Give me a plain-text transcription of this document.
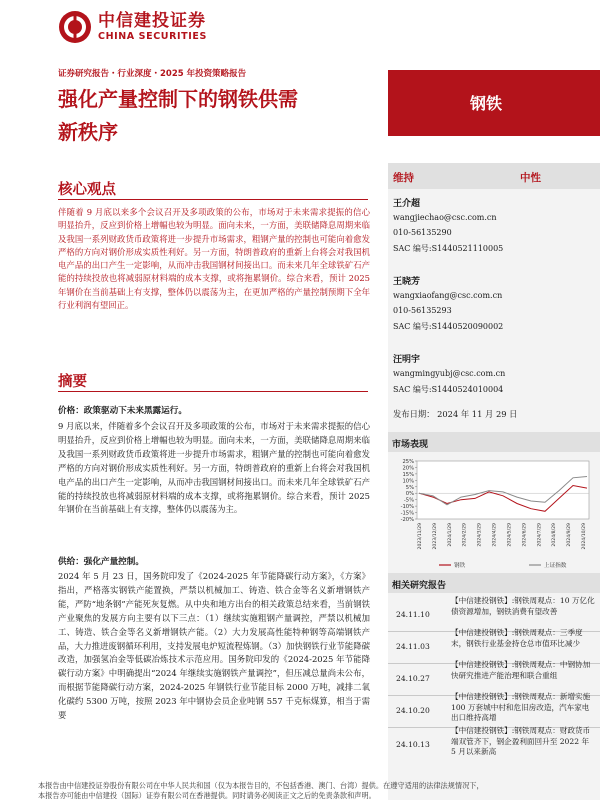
中信建投证券
CHINA SECURITIES
证券研究报告・行业深度・2025 年投资策略报告
强化产量控制下的钢铁供需
新秩序
钢铁
核心观点

伴随着 9 月底以来多个会议召开及多项政策的公布，市场对于未来需求提振的信心明显抬升，反应到价格上增幅也较为明显。面向未来，一方面，美联储降息周期来临及我国一系列财政货币政策将进一步提升市场需求，粗钢产量的控制也可能向着愈发严格的方向对钢价形成实质性利好。另一方面，特朗普政府的重新上台将会对我国机电产品的出口产生一定影响，从而冲击我国钢材间接出口。而未来几年全球铁矿石产能的持续投放也将减弱原材料端的成本支撑，或将拖累钢价。综合来看，预计 2025 年钢价在当前基础上有支撑，整体仍以震荡为主，在更加严格的产量控制预期下全年行业利润有望回正。

摘要
价格：政策驱动下未来黑露运行。

9 月底以来，伴随着多个会议召开及多项政策的公布，市场对于未来需求提振的信心明显抬升，反应到价格上增幅也较为明显。面向未来，一方面，美联储降息周期来临及我国一系列财政货币政策将进一步提升市场需求，粗钢产量的控制也可能向着愈发严格的方向对钢价形成实质性利好。另一方面，特朗普政府的重新上台将会对我国机电产品的出口产生一定影响，从而冲击我国钢材间接出口。而未来几年全球铁矿石产能的持续投放也将减弱原材料端的成本支撑，或将拖累钢价。综合来看，预计 2025 年钢价在当前基础上有支撑，整体仍以震荡为主。

供给：强化产量控制。

2024 年 5 月 23 日，国务院印发了《2024-2025 年节能降碳行动方案》，《方案》指出，严格落实钢铁产能置换，严禁以机械加工、铸造、铁合金等名义新增钢铁产能，严防“地条钢”产能死灰复燃。从中央和地方出台的相关政策总结来看，当前钢铁产业聚焦的发展方向主要有以下三点：（1）继续实施粗钢产量调控，严禁以机械加工、铸造、铁合金等名义新增钢铁产能。（2）大力发展高性能特种钢等高端钢铁产品，大力推进废钢循环利用，支持发展电炉短流程炼钢。（3）加快钢铁行业节能降碳改造，加强氢冶金等低碳冶炼技术示范应用。国务院印发的《2024-2025 年节能降碳行动方案》中明确提出“2024 年继续实施钢铁产量调控”，但压减总量尚未公布，而根据节能降碳行动方案，2024-2025 年钢铁行业节能目标 2000 万吨，减排二氧化碳约 5300 万吨，按照 2023 年中钢协会员企业吨钢 557 千克标煤算，相当于需要

维持	中性
王介超
wangjiechao@csc.com.cn
010-56135290
SAC 编号:S1440521110005
王晓芳
wangxiaofang@csc.com.cn
010-56135293
SAC 编号:S1440520090002
汪明宇
wangmingyubj@csc.com.cn
SAC 编号:S1440524010004
发布日期： 2024 年 11 月 29 日
市场表现
25%
20%
15%
10%
5%
0%
-5%
-10%
-15%
-20%
2023/11/29 2023/12/29 2024/1/29 2024/2/29 2024/3/29 2024/4/29 2024/5/29 2024/6/29 2024/7/29 2024/8/29 2024/9/29 2024/10/29
钢铁	上证指数
相关研究报告
24.11.10

【中信建投钢铁】:钢铁周观点：10 万亿化债资源增加，钢铁消费有望改善

24.11.03

【中信建投钢铁】:钢铁周观点：三季度末，钢铁行业基金持仓总市值环比减少

24.10.27

【中信建投钢铁】:钢铁周观点：中钢协加快研究推进产能治理和联合重组

24.10.20

【中信建投钢铁】:钢铁周观点：新增实施 100 万套城中村和危旧房改造，汽车家电出口维持高增

24.10.13

【中信建投钢铁】:钢铁周观点：财政货币端双管齐下，钢企盈利面回升至 2022 年 5 月以来新高

本报告由中信建投证券股份有限公司在中华人民共和国（仅为本报告目的，不包括香港、澳门、台湾）提供。在遵守适用的法律法规情况下，
本报告亦可能由中信建投（国际）证券有限公司在香港提供。同时请务必阅读正文之后的免责条款和声明。
